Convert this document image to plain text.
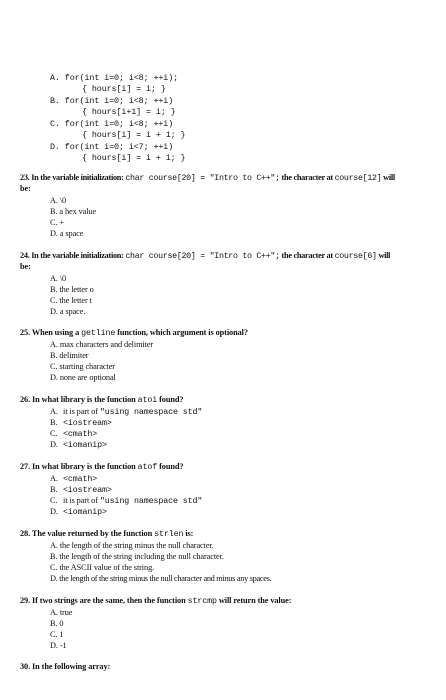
A. for(int i=0; i<8; ++i);
{ hours[i] = i; }
B. for(int i=0; i<8; ++i)
{ hours[i+1] = i; }
C. for(int i=0; i<8; ++i)
{ hours[i] = i + 1; }
D. for(int i=0; i<7; ++i)
{ hours[i] = i + 1; }
23. In the variable initialization: char course[20] = "Intro to C++"; the character at course[12] will
be:
A. \0
B. a hex value
C. +
D. a space
24. In the variable initialization: char course[20] = "Intro to C++"; the character at course[6] will
be:
A. \0
B. the letter o
C. the letter t
D. a space.
25. When using a getline function, which argument is optional?
A. max characters and delimiter
B. delimiter
C. starting character
D. none are optional
26. In what library is the function atoi found?
A. it is part of "using namespace std"
B. <iostream>
C. <cmath>
D. <iomanip>
27. In what library is the function atof found?
A. <cmath>
B. <iostream>
C. it is part of "using namespace std"
D. <iomanip>
28. The value returned by the function strlen is:
A. the length of the string minus the null character.
B. the length of the string including the null character.
C. the ASCII value of the string.
D. the length of the string minus the null character and minus any spaces.
29. If two strings are the same, then the function strcmp will return the value:
A. true
B. 0
C. 1
D. -1
30. In the following array:
